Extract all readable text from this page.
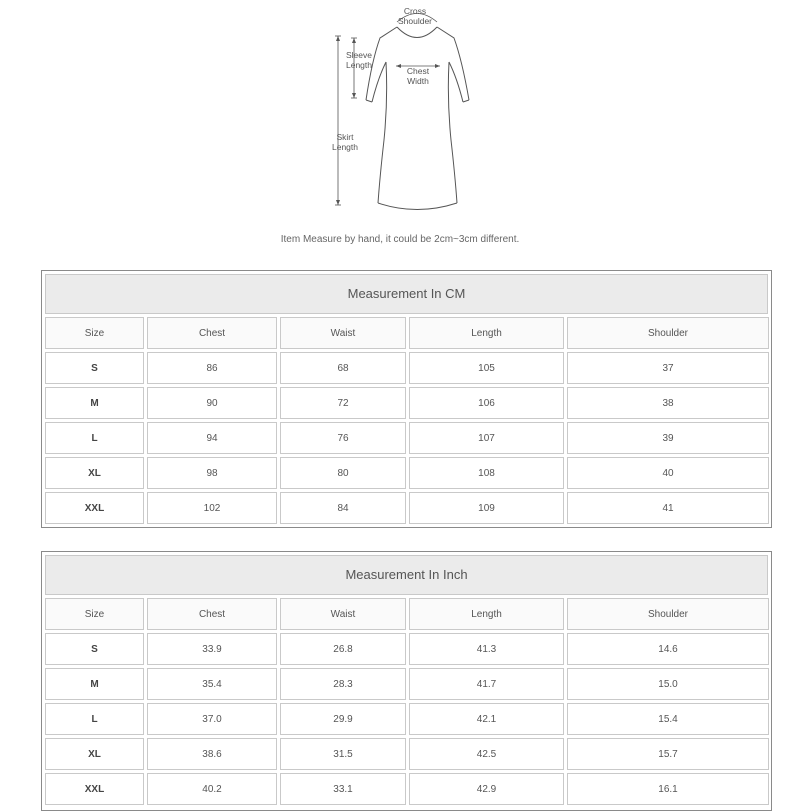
Cross
Shoulder
Sleeve
Length
Chest
Width
Skirt
Length
Item Measure by hand, it could be 2cm~3cm different.
Measurement In CM
Size	Chest	Waist	Length	Shoulder
S	86	68	105	37
M	90	72	106	38
L	94	76	107	39
XL	98	80	108	40
XXL	102	84	109	41
Measurement In Inch
Size	Chest	Waist	Length	Shoulder
S	33.9	26.8	41.3	14.6
M	35.4	28.3	41.7	15.0
L	37.0	29.9	42.1	15.4
XL	38.6	31.5	42.5	15.7
XXL	40.2	33.1	42.9	16.1
